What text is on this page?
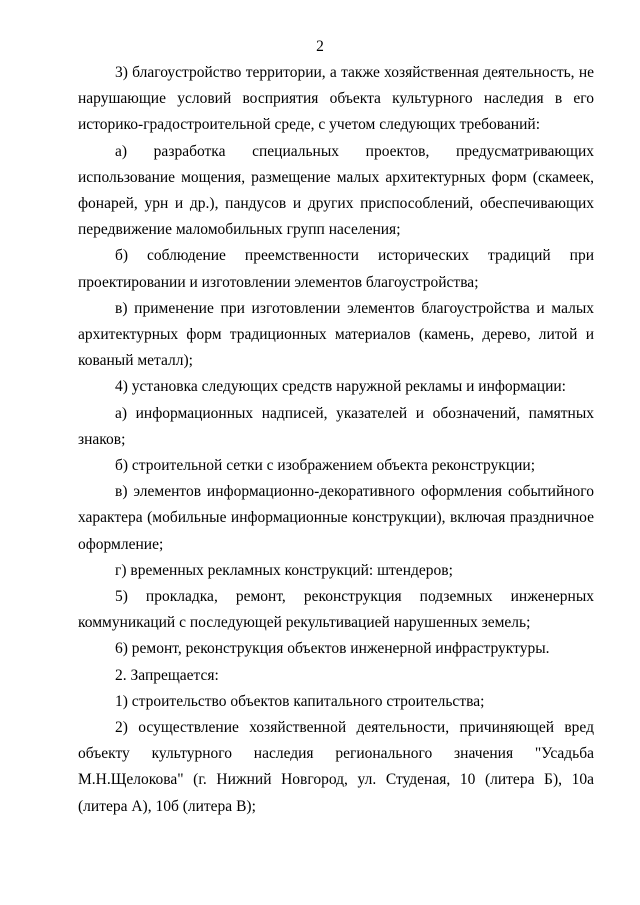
2

3) благоустройство территории, а также хозяйственная деятельность, не нарушающие условий восприятия объекта культурного наследия в его историко-градостроительной среде, с учетом следующих требований:

а) разработка специальных проектов, предусматривающих использование мощения, размещение малых архитектурных форм (скамеек, фонарей, урн и др.), пандусов и других приспособлений, обеспечивающих передвижение маломобильных групп населения;

б) соблюдение преемственности исторических традиций при проектировании и изготовлении элементов благоустройства;

в) применение при изготовлении элементов благоустройства и малых архитектурных форм традиционных материалов (камень, дерево, литой и кованый металл);

4) установка следующих средств наружной рекламы и информации:

а) информационных надписей, указателей и обозначений, памятных знаков;

б) строительной сетки с изображением объекта реконструкции;

в) элементов информационно-декоративного оформления событийного характера (мобильные информационные конструкции), включая праздничное оформление;

г) временных рекламных конструкций: штендеров;

5) прокладка, ремонт, реконструкция подземных инженерных коммуникаций с последующей рекультивацией нарушенных земель;

6) ремонт, реконструкция объектов инженерной инфраструктуры.

2. Запрещается:

1) строительство объектов капитального строительства;

2) осуществление хозяйственной деятельности, причиняющей вред объекту культурного наследия регионального значения "Усадьба М.Н.Щелокова" (г. Нижний Новгород, ул. Студеная, 10 (литера Б), 10а (литера А), 10б (литера В);
